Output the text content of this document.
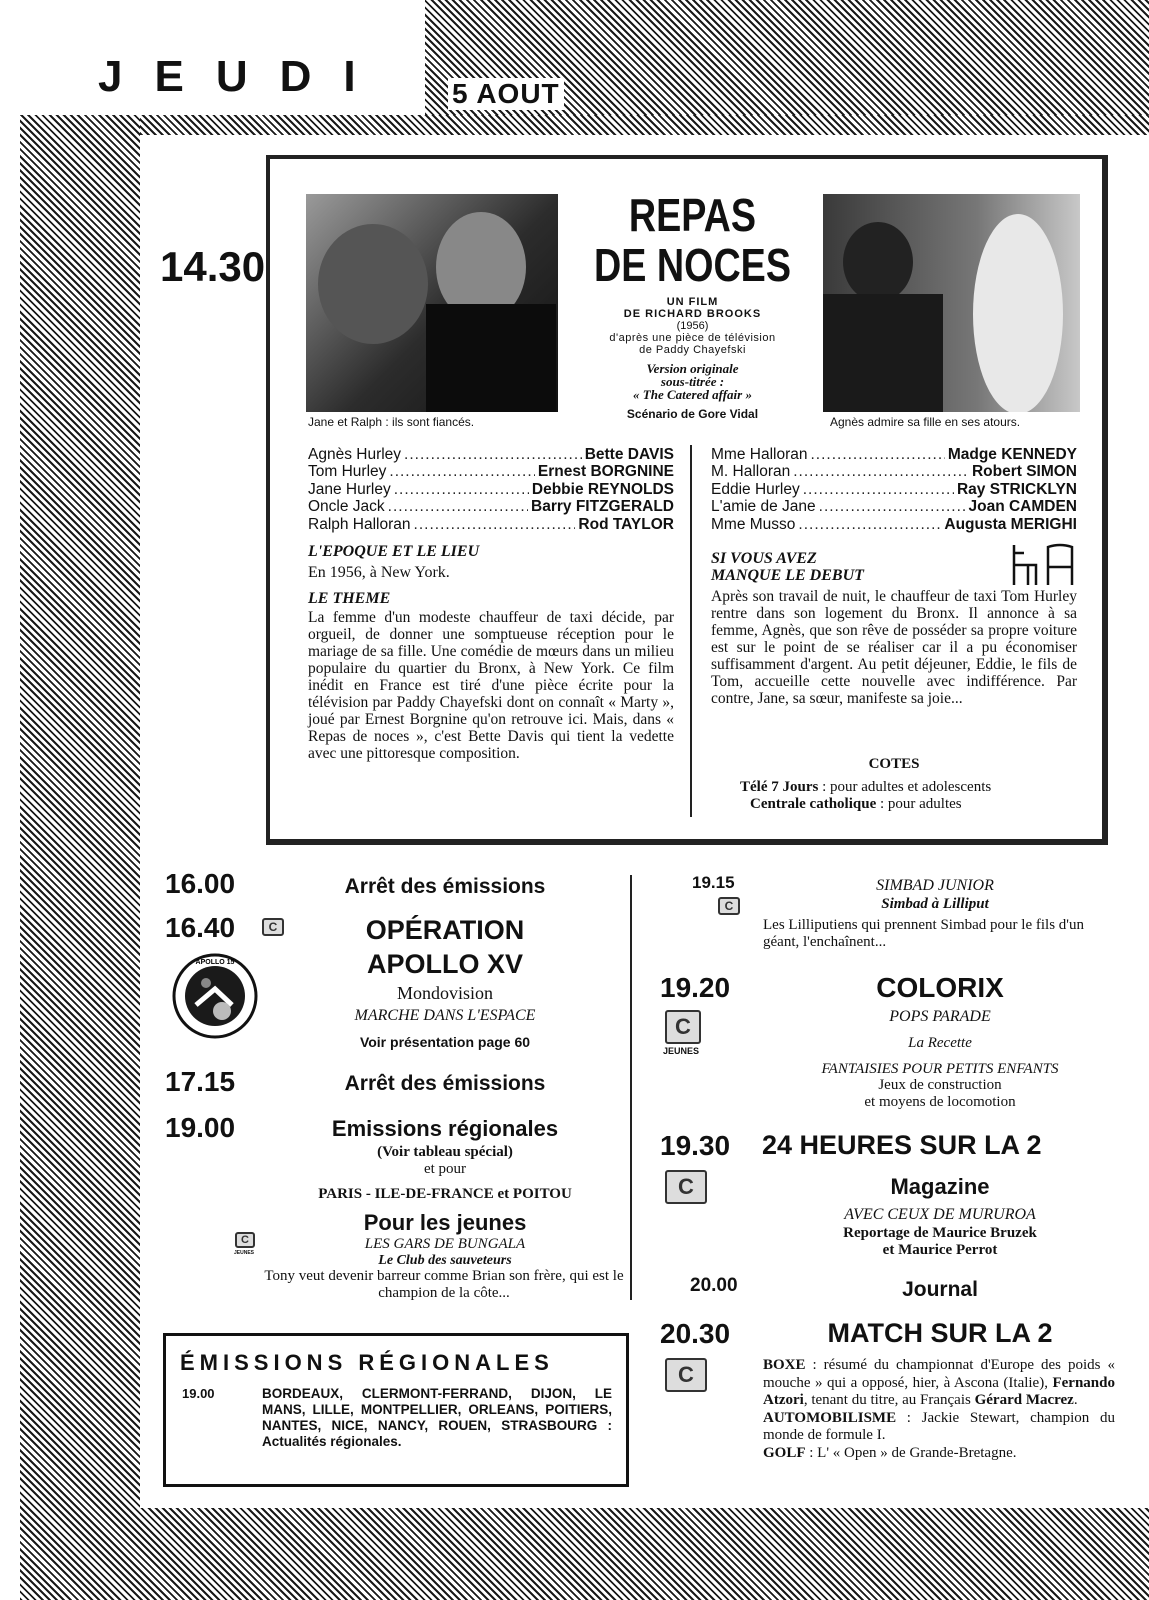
JEUDI 5 AOUT
14.30
Jane et Ralph : ils sont fiancés.	Agnès admire sa fille en ses atours.
REPAS
DE NOCES
UN FILM
DE RICHARD BROOKS
(1956)
d'après une pièce de télévision
de Paddy Chayefski
Version originale
sous-titrée :
« The Catered affair »
Scénario de Gore Vidal
Agnès Hurley .....	Bette DAVIS
Tom Hurley .....	Ernest BORGNINE
Jane Hurley .....	Debbie REYNOLDS
Oncle Jack .....	Barry FITZGERALD
Ralph Halloran .....	Rod TAYLOR
Mme Halloran .....	Madge KENNEDY
M. Halloran .....	Robert SIMON
Eddie Hurley .....	Ray STRICKLYN
L'amie de Jane .....	Joan CAMDEN
Mme Musso .....	Augusta MERIGHI
L'EPOQUE ET LE LIEU
En 1956, à New York.
LE THEME
La femme d'un modeste chauffeur de taxi décide, par orgueil, de donner une somptueuse réception pour le mariage de sa fille. Une comédie de mœurs dans un milieu populaire du quartier du Bronx, à New York. Ce film inédit en France est tiré d'une pièce écrite pour la télévision par Paddy Chayefski dont on connaît « Marty », joué par Ernest Borgnine qu'on retrouve ici. Mais, dans « Repas de noces », c'est Bette Davis qui tient la vedette avec une pittoresque composition.
SI VOUS AVEZ
MANQUE LE DEBUT
Après son travail de nuit, le chauffeur de taxi Tom Hurley rentre dans son logement du Bronx. Il annonce à sa femme, Agnès, que son rêve de posséder sa propre voiture est sur le point de se réaliser car il a pu économiser suffisamment d'argent. Au petit déjeuner, Eddie, le fils de Tom, accueille cette nouvelle avec indifférence. Par contre, Jane, sa sœur, manifeste sa joie...
COTES
Télé 7 Jours : pour adultes et adolescents
Centrale catholique : pour adultes
16.00	Arrêt des émissions
16.40	C	OPÉRATION
APOLLO XV
Mondovision
MARCHE DANS L'ESPACE
Voir présentation page 60
APOLLO 15
17.15	Arrêt des émissions
19.00	Emissions régionales
(Voir tableau spécial)
et pour
PARIS - ILE-DE-FRANCE et POITOU
Pour les jeunes
C
JEUNES
LES GARS DE BUNGALA
Le Club des sauveteurs
Tony veut devenir barreur comme Brian son frère, qui est le champion de la côte...
ÉMISSIONS RÉGIONALES
19.00	BORDEAUX, CLERMONT-FERRAND, DIJON, LE MANS, LILLE, MONTPELLIER, ORLEANS, POITIERS, NANTES, NICE, NANCY, ROUEN, STRASBOURG : Actualités régionales.
19.15
C
SIMBAD JUNIOR
Simbad à Lilliput
Les Lilliputiens qui prennent Simbad pour le fils d'un géant, l'enchaînent...
19.20
C
JEUNES
COLORIX
POPS PARADE
La Recette
FANTAISIES POUR PETITS ENFANTS
Jeux de construction
et moyens de locomotion
19.30 24 HEURES SUR LA 2
C	Magazine
AVEC CEUX DE MURUROA
Reportage de Maurice Bruzek
et Maurice Perrot
20.00	Journal
20.30	MATCH SUR LA 2
C	BOXE : résumé du championnat d'Europe des poids « mouche » qui a opposé, hier, à Ascona (Italie), Fernando Atzori, tenant du titre, au Français Gérard Macrez.
AUTOMOBILISME : Jackie Stewart, champion du monde de formule I.
GOLF : L' « Open » de Grande-Bretagne.
